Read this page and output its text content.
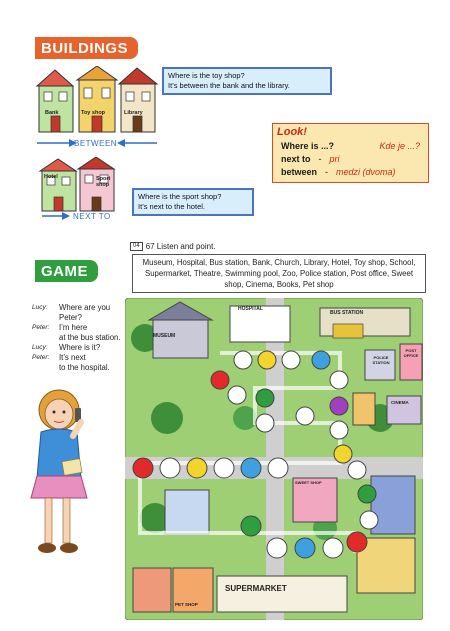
BUILDINGS
Bank	Toy shop	Library
BETWEEN
Where is the toy shop?
It’s between the bank and the library.
Look!
Where is ...?	Kde je ...?
next to - pri
between - medzi (dvoma)
Hotel	Sport shop
NEXT TO
Where is the sport shop?
It’s next to the hotel.
04 67 Listen and point.
GAME
Museum, Hospital, Bus station, Bank, Church, Library, Hotel, Toy shop, School, Supermarket, Theatre, Swimming pool, Zoo, Police station, Post office, Sweet shop, Cinema, Books, Pet shop
Lucy:	Where are you
Peter?
Peter:	I’m here
at the bus station.
Lucy:	Where is it?
Peter:	It’s next
to the hospital.
MUSEUM
HOSPITAL
BUS STATION
POLICE STATION
POST OFFICE
CINEMA
SWEET SHOP
SUPERMARKET
PET SHOP
